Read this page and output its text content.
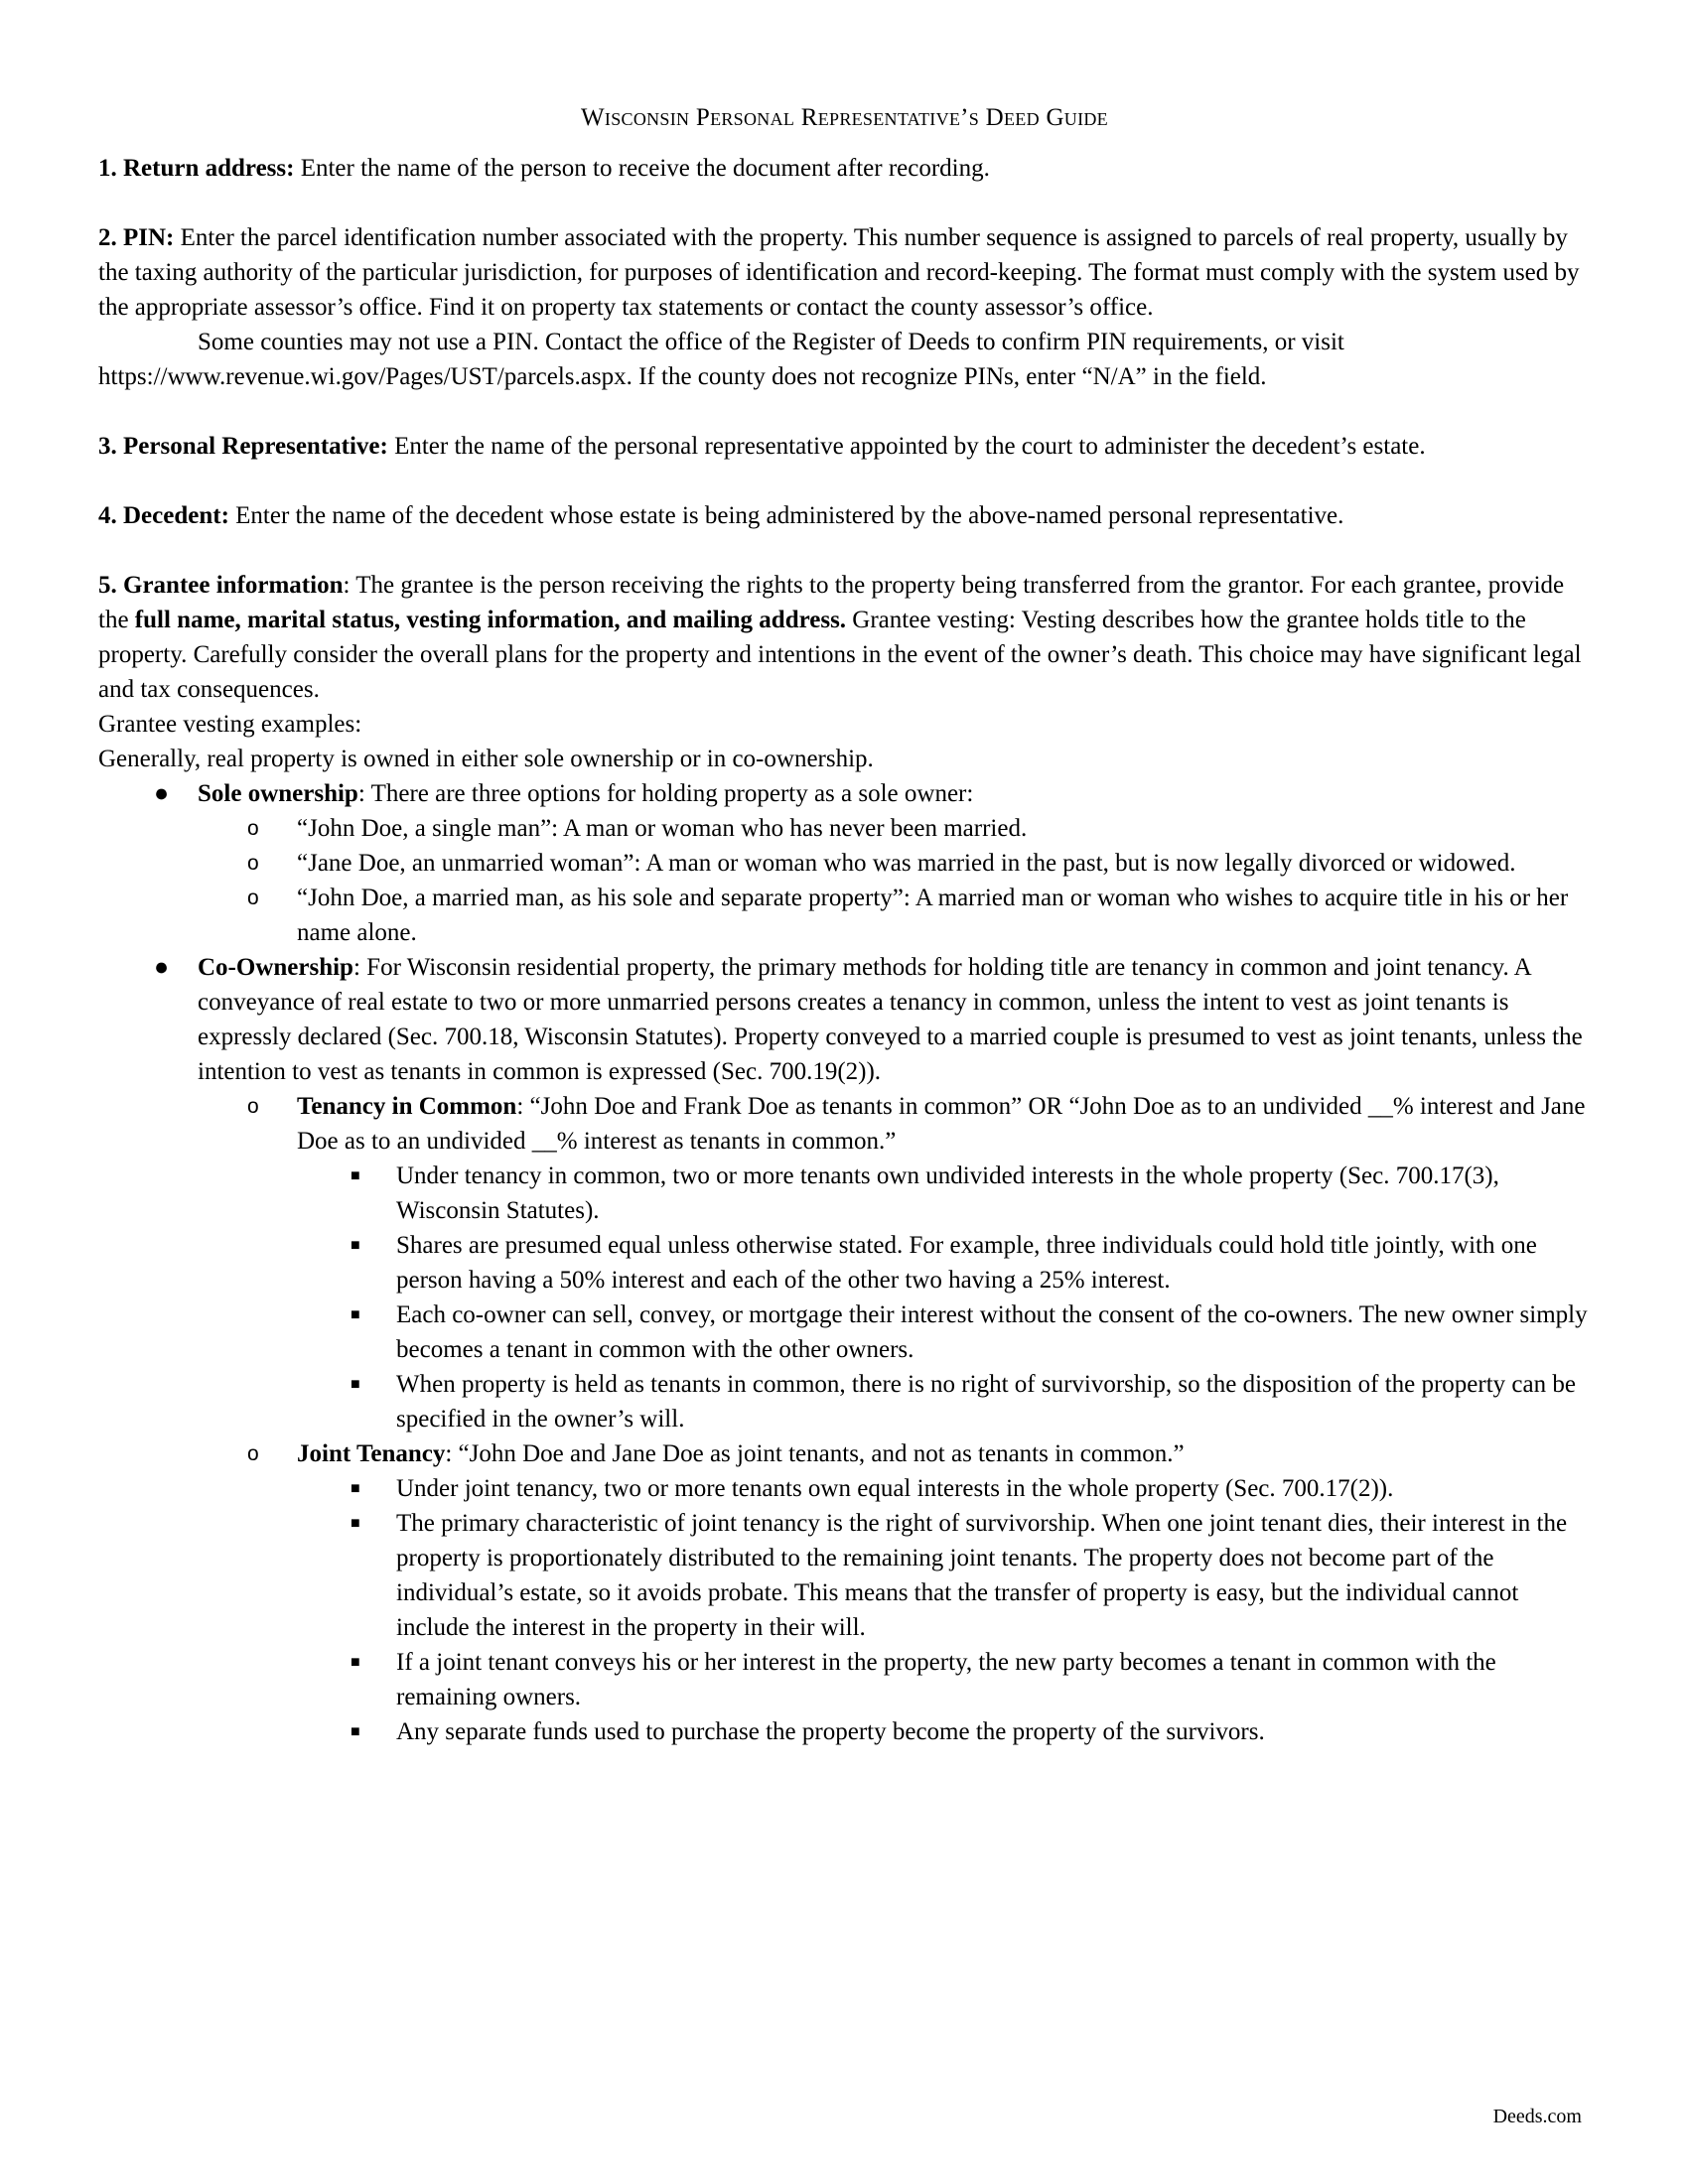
Wisconsin Personal Representative’s Deed Guide

1. Return address: Enter the name of the person to receive the document after recording.

2. PIN: Enter the parcel identification number associated with the property. This number sequence is assigned to parcels of real property, usually by the taxing authority of the particular jurisdiction, for purposes of identification and record-keeping. The format must comply with the system used by the appropriate assessor’s office. Find it on property tax statements or contact the county assessor’s office.

Some counties may not use a PIN. Contact the office of the Register of Deeds to confirm PIN requirements, or visit https://www.revenue.wi.gov/Pages/UST/parcels.aspx. If the county does not recognize PINs, enter “N/A” in the field.

3. Personal Representative: Enter the name of the personal representative appointed by the court to administer the decedent’s estate.

4. Decedent: Enter the name of the decedent whose estate is being administered by the above-named personal representative.

5. Grantee information: The grantee is the person receiving the rights to the property being transferred from the grantor. For each grantee, provide the full name, marital status, vesting information, and mailing address. Grantee vesting: Vesting describes how the grantee holds title to the property. Carefully consider the overall plans for the property and intentions in the event of the owner’s death. This choice may have significant legal and tax consequences.

Grantee vesting examples:

Generally, real property is owned in either sole ownership or in co-ownership.

● Sole ownership: There are three options for holding property as a sole owner:
o “John Doe, a single man”: A man or woman who has never been married.
o “Jane Doe, an unmarried woman”: A man or woman who was married in the past, but is now legally divorced or widowed.
o “John Doe, a married man, as his sole and separate property”: A married man or woman who wishes to acquire title in his or her name alone.
● Co-Ownership: For Wisconsin residential property, the primary methods for holding title are tenancy in common and joint tenancy. A conveyance of real estate to two or more unmarried persons creates a tenancy in common, unless the intent to vest as joint tenants is expressly declared (Sec. 700.18, Wisconsin Statutes). Property conveyed to a married couple is presumed to vest as joint tenants, unless the intention to vest as tenants in common is expressed (Sec. 700.19(2)).
o Tenancy in Common: “John Doe and Frank Doe as tenants in common” OR “John Doe as to an undivided __% interest and Jane Doe as to an undivided __% interest as tenants in common.”
■ Under tenancy in common, two or more tenants own undivided interests in the whole property (Sec. 700.17(3), Wisconsin Statutes).
■ Shares are presumed equal unless otherwise stated. For example, three individuals could hold title jointly, with one person having a 50% interest and each of the other two having a 25% interest.
■ Each co-owner can sell, convey, or mortgage their interest without the consent of the co-owners. The new owner simply becomes a tenant in common with the other owners.
■ When property is held as tenants in common, there is no right of survivorship, so the disposition of the property can be specified in the owner’s will.
o Joint Tenancy: “John Doe and Jane Doe as joint tenants, and not as tenants in common.”
■ Under joint tenancy, two or more tenants own equal interests in the whole property (Sec. 700.17(2)).
■ The primary characteristic of joint tenancy is the right of survivorship. When one joint tenant dies, their interest in the property is proportionately distributed to the remaining joint tenants. The property does not become part of the individual’s estate, so it avoids probate. This means that the transfer of property is easy, but the individual cannot include the interest in the property in their will.
■ If a joint tenant conveys his or her interest in the property, the new party becomes a tenant in common with the remaining owners.
■ Any separate funds used to purchase the property become the property of the survivors.
Deeds.com
